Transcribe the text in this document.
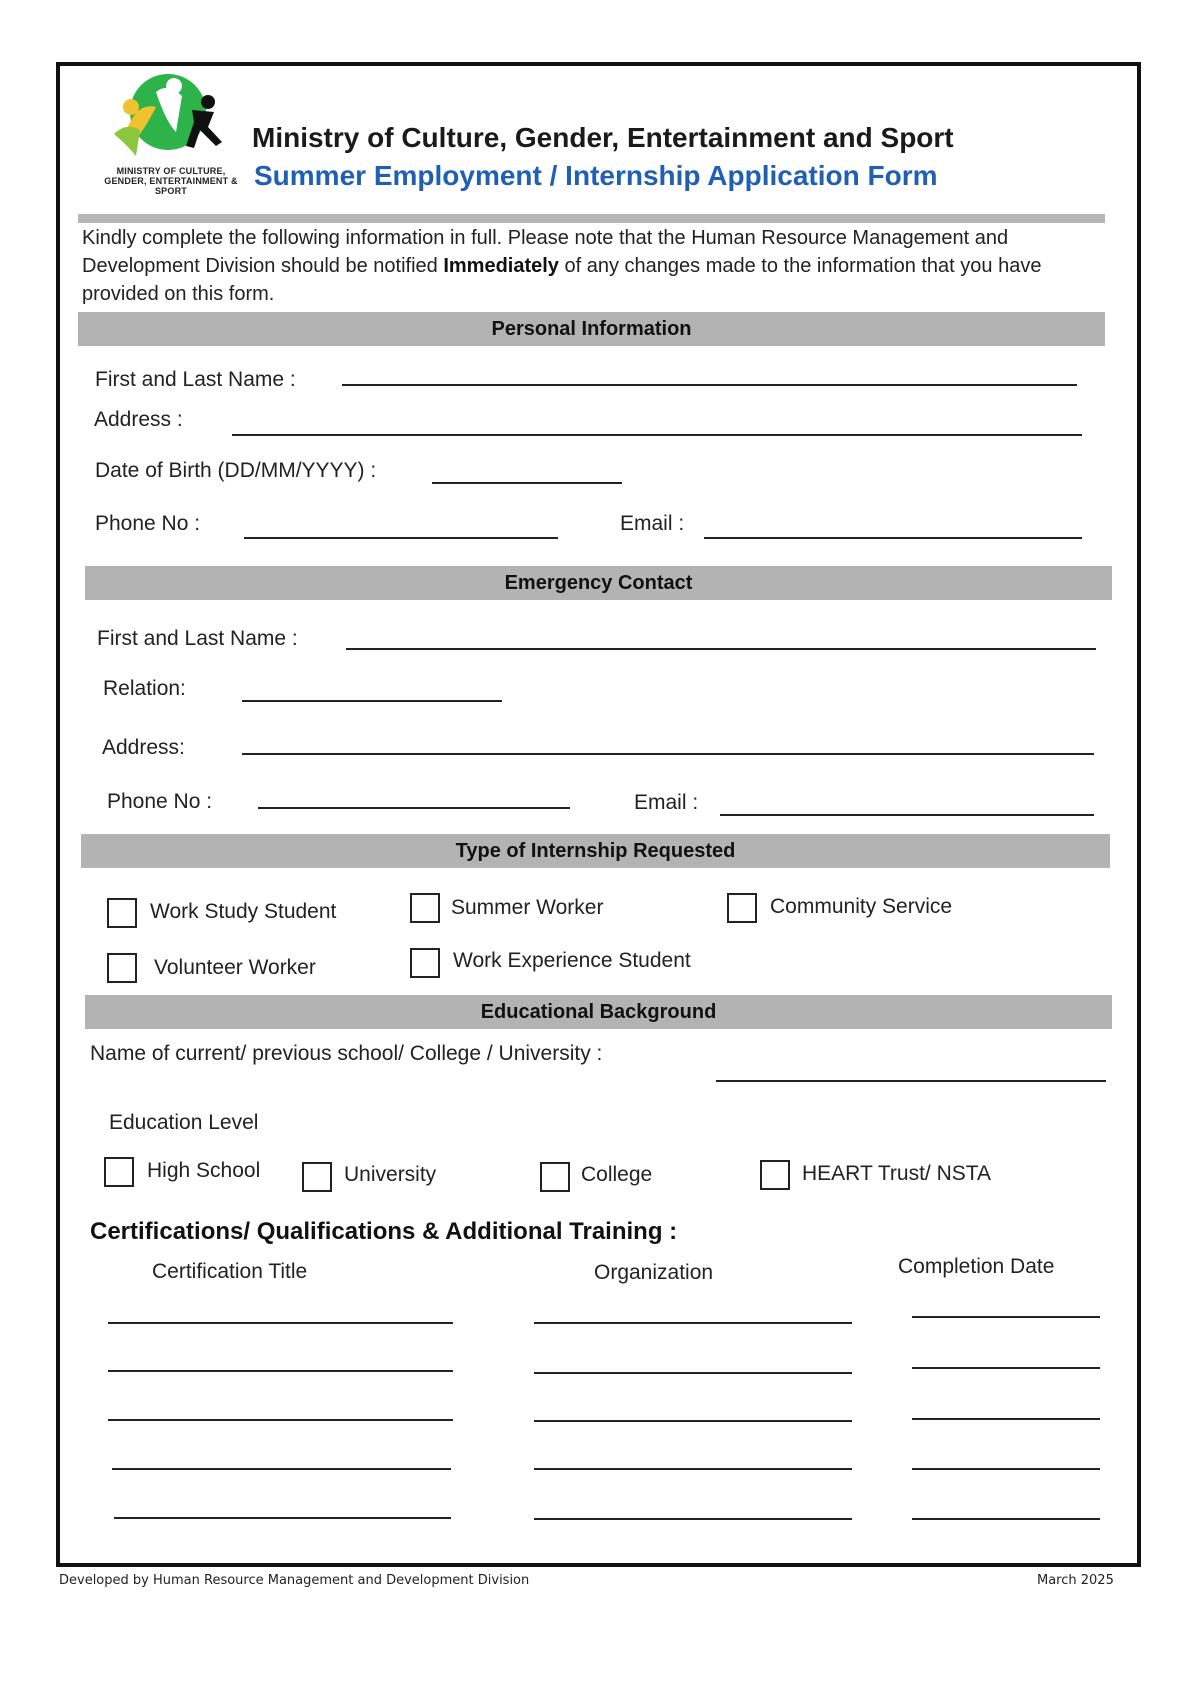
MINISTRY OF CULTURE, GENDER, ENTERTAINMENT & SPORT
Ministry of Culture, Gender, Entertainment and Sport
Summer Employment / Internship Application Form
Kindly complete the following information in full. Please note that the Human Resource Management and Development Division should be notified Immediately of any changes made to the information that you have provided on this form.
Personal Information
First and Last Name :
Address :
Date of Birth (DD/MM/YYYY) :
Phone No :	Email :
Emergency Contact
First and Last Name :
Relation:
Address:
Phone No :	Email :
Type of Internship Requested
Work Study Student	Summer Worker	Community Service
Volunteer Worker	Work Experience Student
Educational Background
Name of current/ previous school/ College / University :
Education Level
High School	University	College	HEART Trust/ NSTA
Certifications/ Qualifications & Additional Training :
Certification Title	Organization	Completion Date
Developed by Human Resource Management and Development Division	March 2025
